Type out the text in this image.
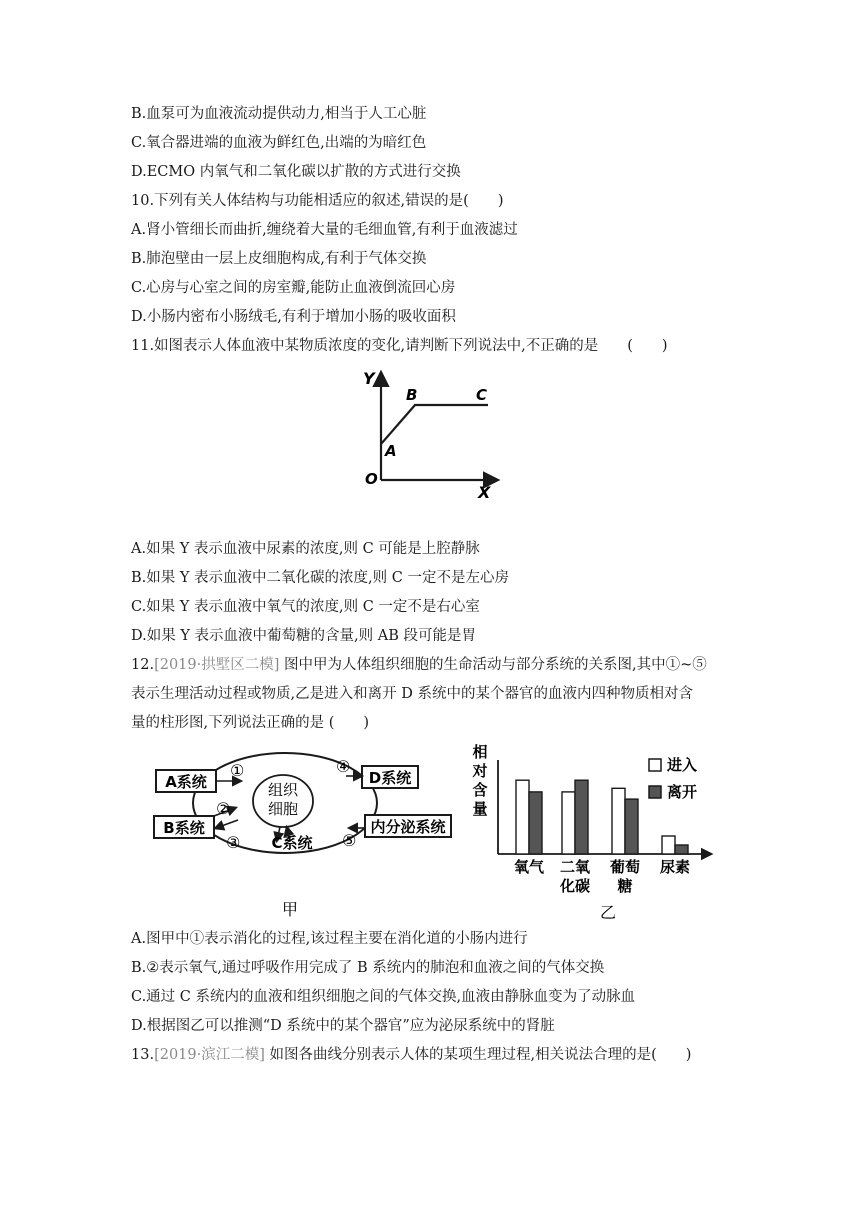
B.血泵可为血液流动提供动力,相当于人工心脏
C.氧合器进端的血液为鲜红色,出端的为暗红色
D.ECMO 内氧气和二氧化碳以扩散的方式进行交换
10.下列有关人体结构与功能相适应的叙述,错误的是(　　)
A.肾小管细长而曲折,缠绕着大量的毛细血管,有利于血液滤过
B.肺泡壁由一层上皮细胞构成,有利于气体交换
C.心房与心室之间的房室瓣,能防止血液倒流回心房
D.小肠内密布小肠绒毛,有利于增加小肠的吸收面积
11.如图表示人体血液中某物质浓度的变化,请判断下列说法中,不正确的是　　(　　)
Y
X
O
A
B	C
A.如果 Y 表示血液中尿素的浓度,则 C 可能是上腔静脉
B.如果 Y 表示血液中二氧化碳的浓度,则 C 一定不是左心房
C.如果 Y 表示血液中氧气的浓度,则 C 一定不是右心室
D.如果 Y 表示血液中葡萄糖的含量,则 AB 段可能是胃
12.[2019·拱墅区二模] 图中甲为人体组织细胞的生命活动与部分系统的关系图,其中①~⑤
表示生理活动过程或物质,乙是进入和离开 D 系统中的某个器官的血液内四种物质相对含
量的柱形图,下列说法正确的是 (　　)
组织
细胞
A系统
①
B系统
②
③ C系统
D系统
④
内分泌系统
⑤
甲
相
对
含
量
氧气 二氧
化碳
葡萄
糖
尿素
进入
离开
乙
A.图甲中①表示消化的过程,该过程主要在消化道的小肠内进行
B.②表示氧气,通过呼吸作用完成了 B 系统内的肺泡和血液之间的气体交换
C.通过 C 系统内的血液和组织细胞之间的气体交换,血液由静脉血变为了动脉血
D.根据图乙可以推测“D 系统中的某个器官”应为泌尿系统中的肾脏
13.[2019·滨江二模] 如图各曲线分别表示人体的某项生理过程,相关说法合理的是(　　)
